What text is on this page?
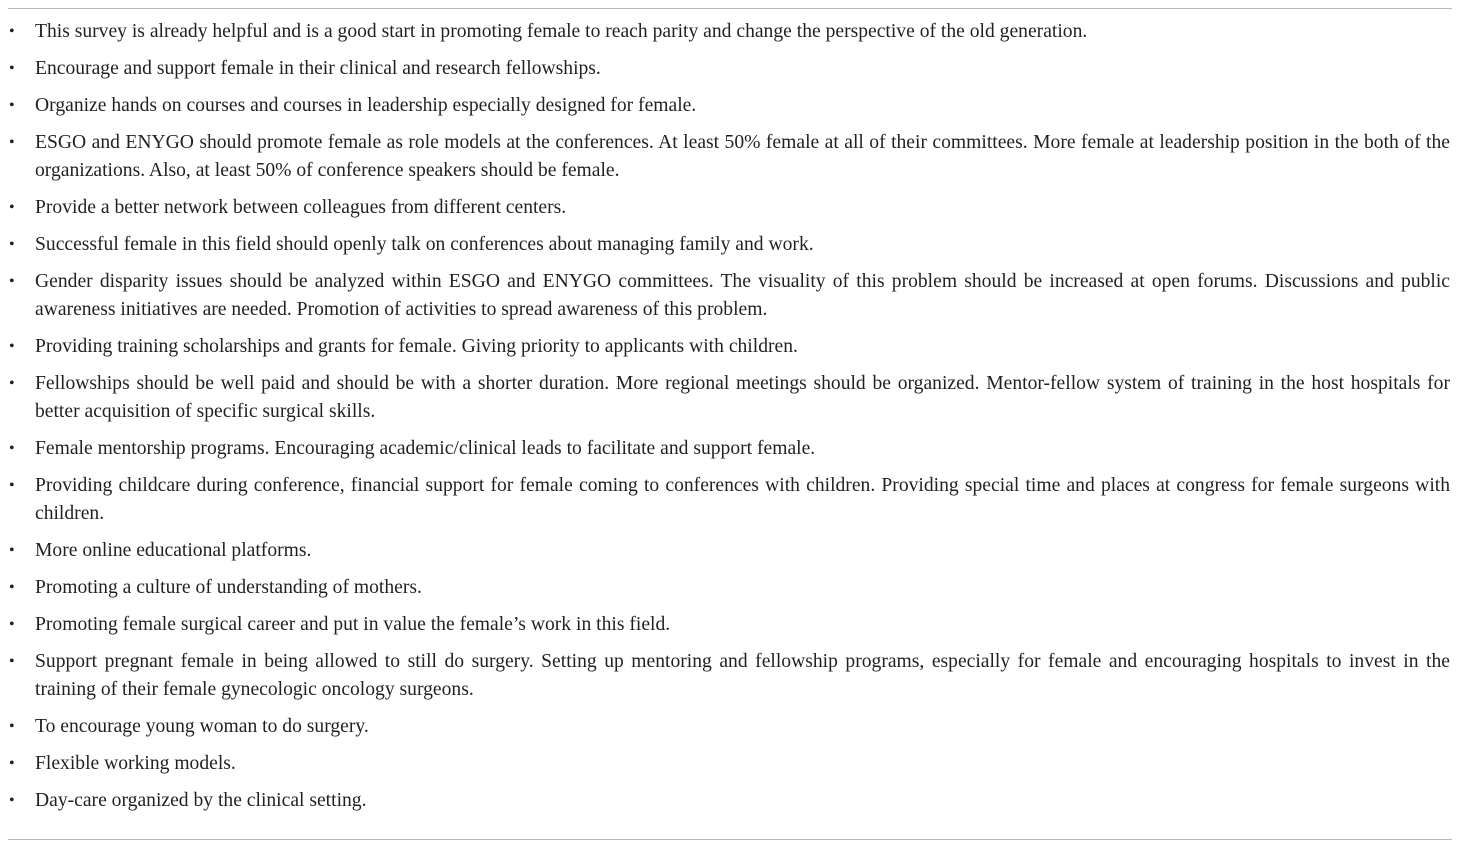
• This survey is already helpful and is a good start in promoting female to reach parity and change the perspective of the old generation.
• Encourage and support female in their clinical and research fellowships.
• Organize hands on courses and courses in leadership especially designed for female.
• ESGO and ENYGO should promote female as role models at the conferences. At least 50% female at all of their committees. More female at leadership position in the both of the organizations. Also, at least 50% of conference speakers should be female.
• Provide a better network between colleagues from different centers.
• Successful female in this field should openly talk on conferences about managing family and work.
• Gender disparity issues should be analyzed within ESGO and ENYGO committees. The visuality of this problem should be increased at open forums. Discussions and public awareness initiatives are needed. Promotion of activities to spread awareness of this problem.
• Providing training scholarships and grants for female. Giving priority to applicants with children.
• Fellowships should be well paid and should be with a shorter duration. More regional meetings should be organized. Mentor-fellow system of training in the host hospitals for better acquisition of specific surgical skills.
• Female mentorship programs. Encouraging academic/clinical leads to facilitate and support female.
• Providing childcare during conference, financial support for female coming to conferences with children. Providing special time and places at congress for female surgeons with children.
• More online educational platforms.
• Promoting a culture of understanding of mothers.
• Promoting female surgical career and put in value the female’s work in this field.
• Support pregnant female in being allowed to still do surgery. Setting up mentoring and fellowship programs, especially for female and encouraging hospitals to invest in the training of their female gynecologic oncology surgeons.
• To encourage young woman to do surgery.
• Flexible working models.
• Day-care organized by the clinical setting.
